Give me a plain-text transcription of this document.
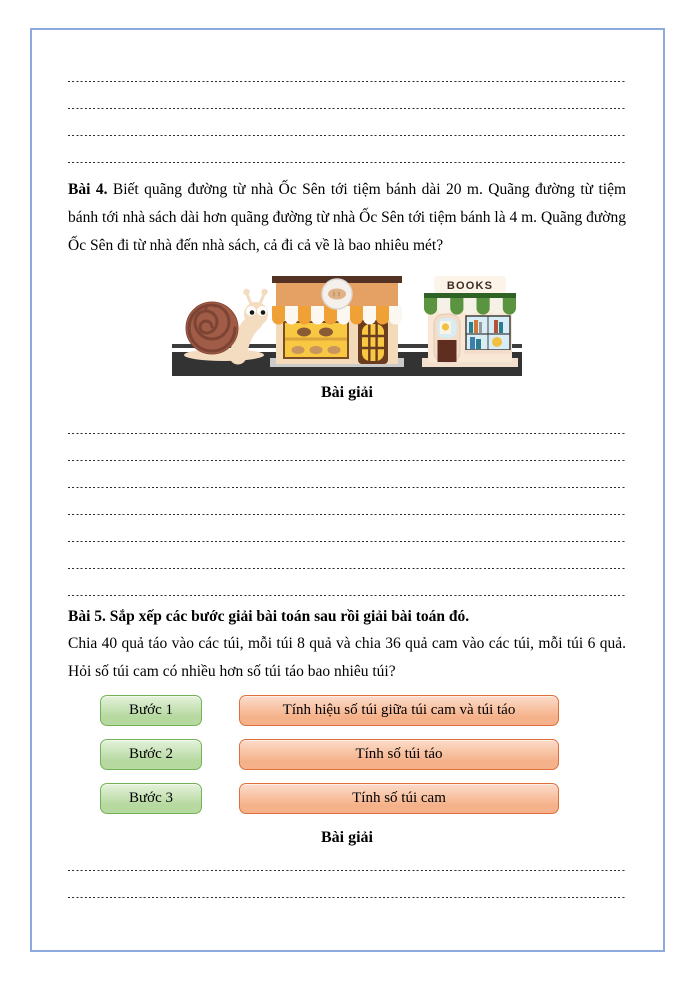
Bài 4. Biết quãng đường từ nhà Ốc Sên tới tiệm bánh dài 20 m. Quãng đường từ tiệm bánh tới nhà sách dài hơn quãng đường từ nhà Ốc Sên tới tiệm bánh là 4 m. Quãng đường Ốc Sên đi từ nhà đến nhà sách, cả đi cả về là bao nhiêu mét?

BOOKS
Bài giải
Bài 5. Sắp xếp các bước giải bài toán sau rồi giải bài toán đó.

Chia 40 quả táo vào các túi, mỗi túi 8 quả và chia 36 quả cam vào các túi, mỗi túi 6 quả. Hỏi số túi cam có nhiều hơn số túi táo bao nhiêu túi?

Bước 1	Tính hiệu số túi giữa túi cam và túi táo
Bước 2	Tính số túi táo
Bước 3	Tính số túi cam
Bài giải
